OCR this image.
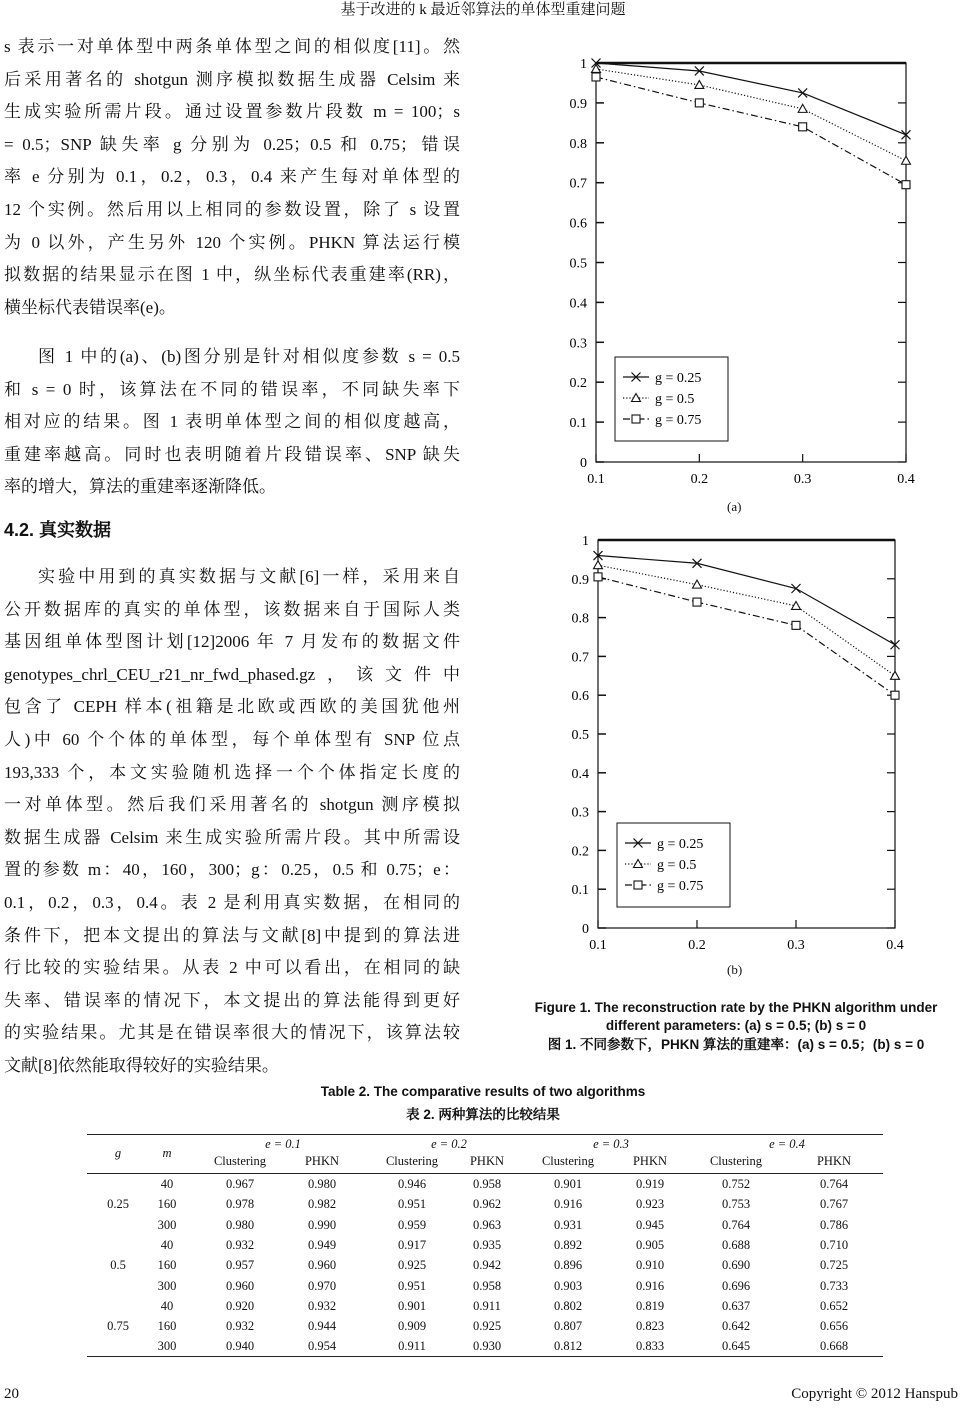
基于改进的 k 最近邻算法的单体型重建问题
s 表示一对单体型中两条单体型之间的相似度[11]。然
后采用著名的 shotgun 测序模拟数据生成器 Celsim 来
生成实验所需片段。通过设置参数片段数 m = 100；s
= 0.5；SNP 缺失率 g 分别为 0.25；0.5 和 0.75；错误
率 e 分别为 0.1，0.2，0.3，0.4 来产生每对单体型的
12 个实例。然后用以上相同的参数设置，除了 s 设置
为 0 以外，产生另外 120 个实例。PHKN 算法运行模
拟数据的结果显示在图 1 中，纵坐标代表重建率(RR)，
横坐标代表错误率(e)。
图 1 中的(a)、(b)图分别是针对相似度参数 s = 0.5
和 s = 0 时，该算法在不同的错误率，不同缺失率下
相对应的结果。图 1 表明单体型之间的相似度越高，
重建率越高。同时也表明随着片段错误率、SNP 缺失
率的增大，算法的重建率逐渐降低。
4.2. 真实数据
实验中用到的真实数据与文献[6]一样，采用来自
公开数据库的真实的单体型，该数据来自于国际人类
基因组单体型图计划[12]2006 年 7 月发布的数据文件
genotypes_chrl_CEU_r21_nr_fwd_phased.gz，该文件中
包含了 CEPH 样本(祖籍是北欧或西欧的美国犹他州
人)中 60 个个体的单体型，每个单体型有 SNP 位点
193,333 个，本文实验随机选择一个个体指定长度的
一对单体型。然后我们采用著名的 shotgun 测序模拟
数据生成器 Celsim 来生成实验所需片段。其中所需设
置的参数 m：40，160，300；g：0.25，0.5 和 0.75；e：
0.1，0.2，0.3，0.4。表 2 是利用真实数据，在相同的
条件下，把本文提出的算法与文献[8]中提到的算法进
行比较的实验结果。从表 2 中可以看出，在相同的缺
失率、错误率的情况下，本文提出的算法能得到更好
的实验结果。尤其是在错误率很大的情况下，该算法较
文献[8]依然能取得较好的实验结果。
0
0.1
0.2
0.3
0.4
0.5
0.6
0.7
0.8
0.9
1
0.1	0.2	0.3	0.4
g = 0.25
g = 0.5
g = 0.75
(a)
0
0.1
0.2
0.3
0.4
0.5
0.6
0.7
0.8
0.9
1
0.1	0.2	0.3	0.4
g = 0.25
g = 0.5
g = 0.75
(b)
Figure 1. The reconstruction rate by the PHKN algorithm under
different parameters: (a) s = 0.5; (b) s = 0
图 1. 不同参数下，PHKN 算法的重建率：(a) s = 0.5；(b) s = 0
Table 2. The comparative results of two algorithms
表 2. 两种算法的比较结果
g	m
e = 0.1	e = 0.2	e = 0.3	e = 0.4
Clustering	PHKN	Clustering	PHKN	Clustering	PHKN	Clustering	PHKN
40	0.967	0.980	0.946	0.958	0.901	0.919	0.752	0.764
0.25 160	0.978	0.982	0.951	0.962	0.916	0.923	0.753	0.767
300	0.980	0.990	0.959	0.963	0.931	0.945	0.764	0.786
40	0.932	0.949	0.917	0.935	0.892	0.905	0.688	0.710
0.5	160	0.957	0.960	0.925	0.942	0.896	0.910	0.690	0.725
300	0.960	0.970	0.951	0.958	0.903	0.916	0.696	0.733
40	0.920	0.932	0.901	0.911	0.802	0.819	0.637	0.652
0.75 160	0.932	0.944	0.909	0.925	0.807	0.823	0.642	0.656
300	0.940	0.954	0.911	0.930	0.812	0.833	0.645	0.668
20	Copyright © 2012 Hanspub
